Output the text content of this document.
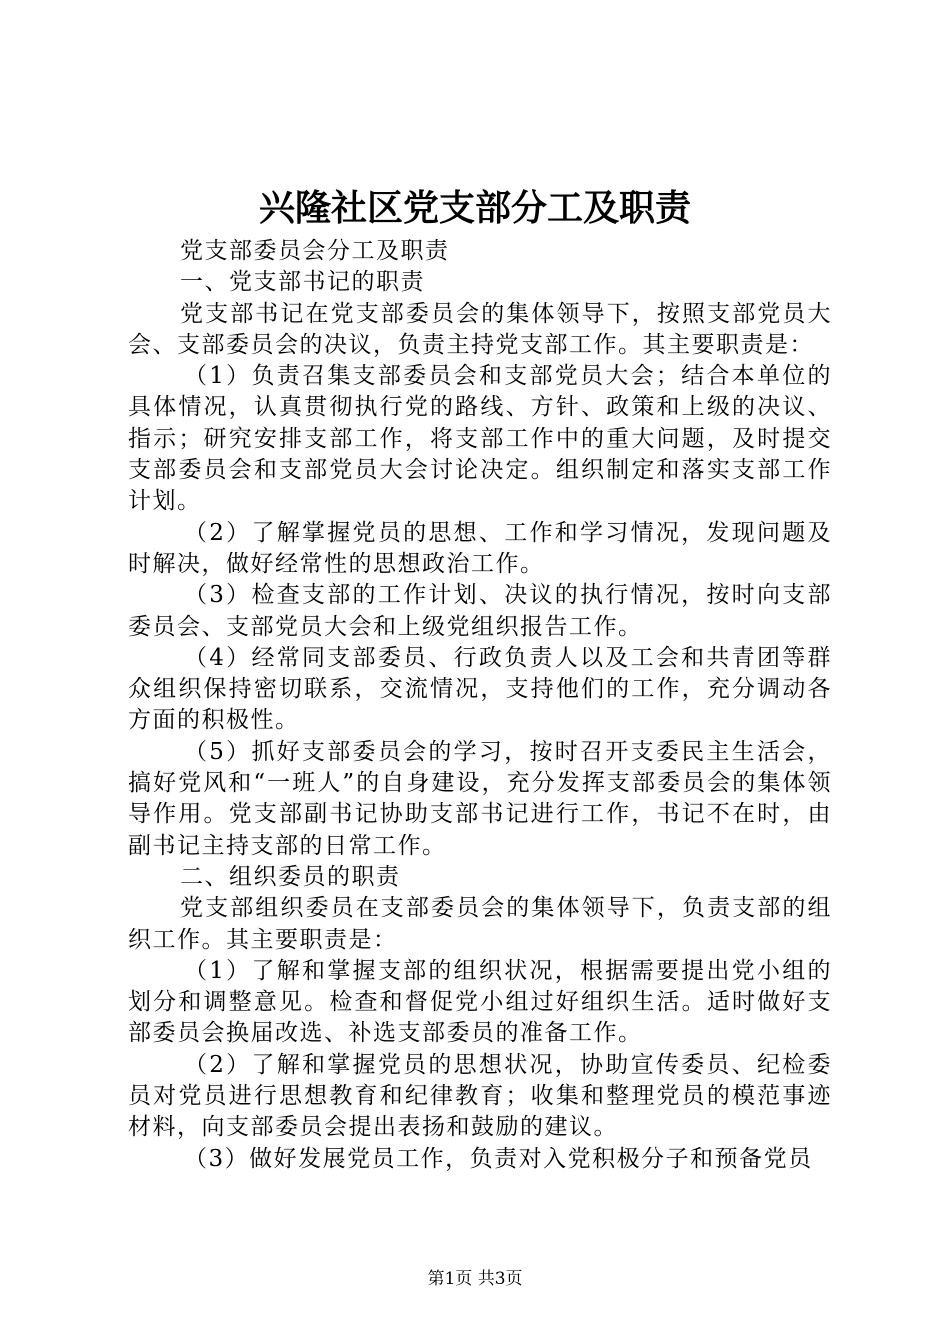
兴隆社区党支部分工及职责

党支部委员会分工及职责

一、党支部书记的职责

党支部书记在党支部委员会的集体领导下，按照支部党员大会、支部委员会的决议，负责主持党支部工作。其主要职责是：

（1）负责召集支部委员会和支部党员大会；结合本单位的具体情况，认真贯彻执行党的路线、方针、政策和上级的决议、指示；研究安排支部工作，将支部工作中的重大问题，及时提交支部委员会和支部党员大会讨论决定。组织制定和落实支部工作计划。

（2）了解掌握党员的思想、工作和学习情况，发现问题及时解决，做好经常性的思想政治工作。

（3）检查支部的工作计划、决议的执行情况，按时向支部委员会、支部党员大会和上级党组织报告工作。

（4）经常同支部委员、行政负责人以及工会和共青团等群众组织保持密切联系，交流情况，支持他们的工作，充分调动各方面的积极性。

（5）抓好支部委员会的学习，按时召开支委民主生活会，搞好党风和“一班人”的自身建设，充分发挥支部委员会的集体领导作用。党支部副书记协助支部书记进行工作，书记不在时，由副书记主持支部的日常工作。

二、组织委员的职责

党支部组织委员在支部委员会的集体领导下，负责支部的组织工作。其主要职责是：

（1）了解和掌握支部的组织状况，根据需要提出党小组的划分和调整意见。检查和督促党小组过好组织生活。适时做好支部委员会换届改选、补选支部委员的准备工作。

（2）了解和掌握党员的思想状况，协助宣传委员、纪检委员对党员进行思想教育和纪律教育；收集和整理党员的模范事迹材料，向支部委员会提出表扬和鼓励的建议。

（3）做好发展党员工作，负责对入党积极分子和预备党员

第1页 共3页
